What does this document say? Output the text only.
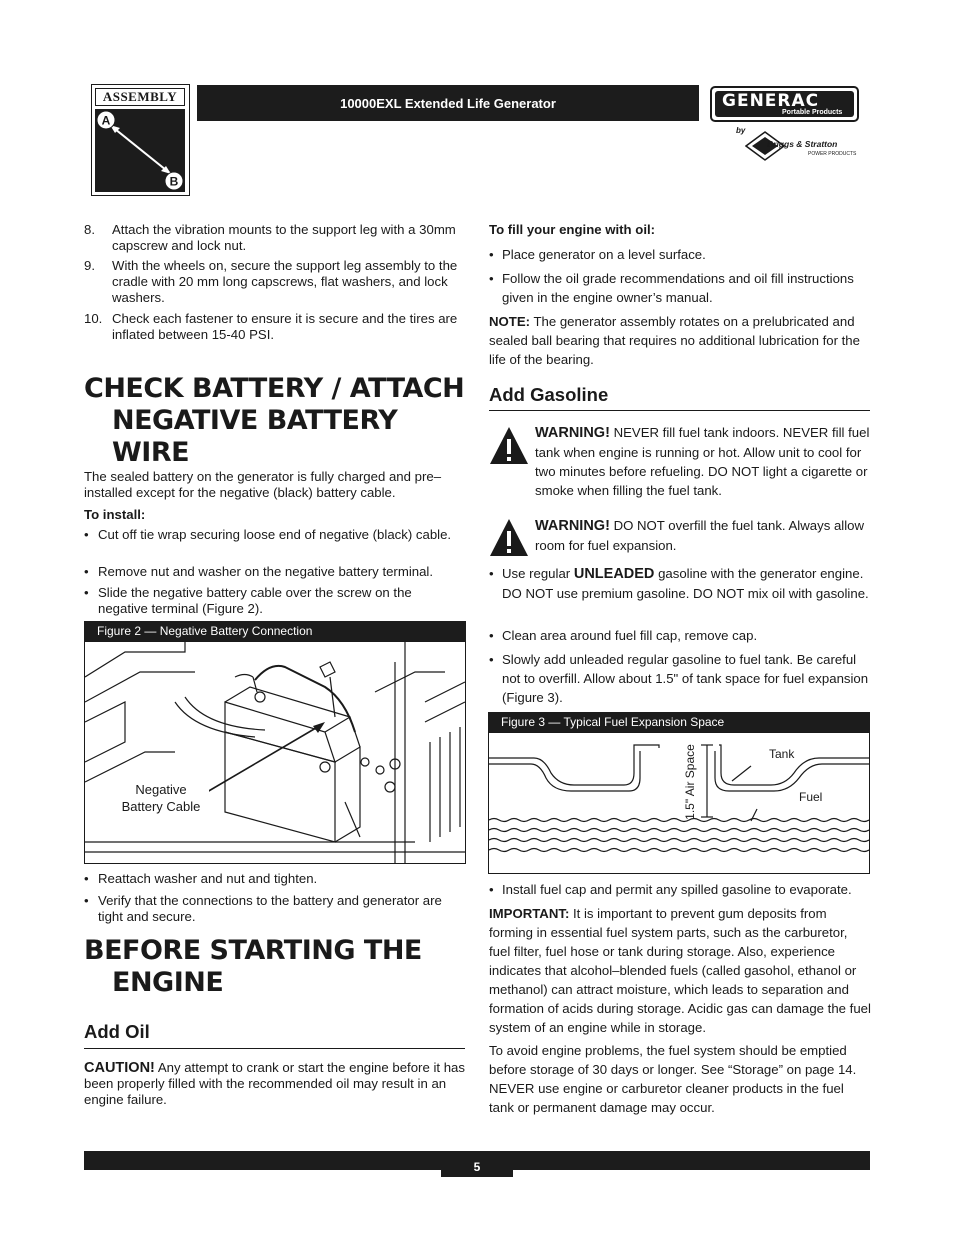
ASSEMBLY
A
B
10000EXL Extended Life Generator	GENERAC
Portable Products
by
Briggs & Stratton
POWER PRODUCTS
8. Attach the vibration mounts to the support leg with a 30mm capscrew and lock nut.
9. With the wheels on, secure the support leg assembly to the cradle with 20 mm long capscrews, flat washers, and lock washers.
10. Check each fastener to ensure it is secure and the tires are inflated between 15-40 PSI.
CHECK BATTERY / ATTACH
NEGATIVE BATTERY
WIRE
The sealed battery on the generator is fully charged and pre–installed except for the negative (black) battery cable.
To install:
• Cut off tie wrap securing loose end of negative (black) cable.
• Remove nut and washer on the negative battery terminal.
• Slide the negative battery cable over the screw on the negative terminal (Figure 2).
Figure 2 — Negative Battery Connection
Negative
Battery Cable
• Reattach washer and nut and tighten.
• Verify that the connections to the battery and generator are tight and secure.
BEFORE STARTING THE
ENGINE
Add Oil
CAUTION! Any attempt to crank or start the engine before it has been properly filled with the recommended oil may result in an engine failure.
To fill your engine with oil:
• Place generator on a level surface.
• Follow the oil grade recommendations and oil fill instructions given in the engine owner’s manual.
NOTE: The generator assembly rotates on a prelubricated and sealed ball bearing that requires no additional lubrication for the life of the bearing.
Add Gasoline
WARNING! NEVER fill fuel tank indoors. NEVER fill fuel tank when engine is running or hot. Allow unit to cool for two minutes before refueling. DO NOT light a cigarette or smoke when filling the fuel tank.
WARNING! DO NOT overfill the fuel tank. Always allow room for fuel expansion.
• Use regular UNLEADED gasoline with the generator engine. DO NOT use premium gasoline. DO NOT mix oil with gasoline.
• Clean area around fuel fill cap, remove cap.
• Slowly add unleaded regular gasoline to fuel tank. Be careful not to overfill. Allow about 1.5" of tank space for fuel expansion (Figure 3).
Figure 3 — Typical Fuel Expansion Space
Tank
Fuel
1.5" Air Space
• Install fuel cap and permit any spilled gasoline to evaporate.
IMPORTANT: It is important to prevent gum deposits from forming in essential fuel system parts, such as the carburetor, fuel filter, fuel hose or tank during storage. Also, experience indicates that alcohol–blended fuels (called gasohol, ethanol or methanol) can attract moisture, which leads to separation and formation of acids during storage. Acidic gas can damage the fuel system of an engine while in storage.
To avoid engine problems, the fuel system should be emptied before storage of 30 days or longer. See “Storage” on page 14. NEVER use engine or carburetor cleaner products in the fuel tank or permanent damage may occur.
5
